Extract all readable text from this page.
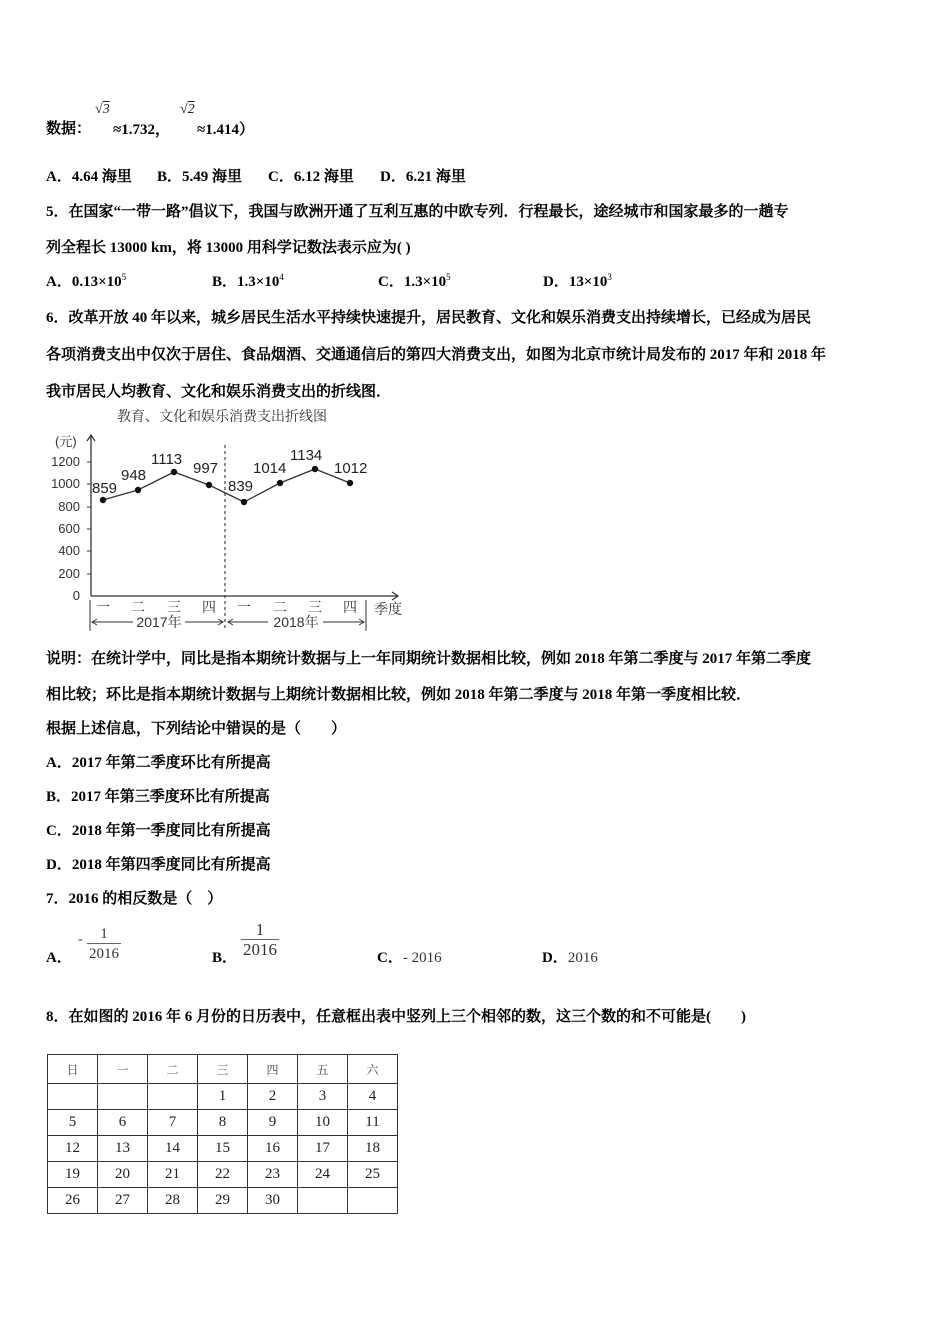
数据：
√3
≈1.732，
√2
≈1.414）
A．4.64 海里 B．5.49 海里 C．6.12 海里 D．6.21 海里
5．在国家“一带一路”倡议下，我国与欧洲开通了互利互惠的中欧专列．行程最长，途经城市和国家最多的一趟专
列全程长 13000 km，将 13000 用科学记数法表示应为( )
A．$0.13\times 10^5$	B．$1.3\times 10^4$	C．$1.3\times 10^5$	D．$13\times 10^3$
6．改革开放 40 年以来，城乡居民生活水平持续快速提升，居民教育、文化和娱乐消费支出持续增长，已经成为居民
各项消费支出中仅次于居住、食品烟酒、交通通信后的第四大消费支出，如图为北京市统计局发布的 2017 年和 2018 年
我市居民人均教育、文化和娱乐消费支出的折线图．
教育、文化和娱乐消费支出折线图
(元)
0
200
400
600
800
1000
1200
859
948
1113
997
839
1014
1134
1012
一 二 三 四 一 二 三 四 季度
2017年	2018年
说明：在统计学中，同比是指本期统计数据与上一年同期统计数据相比较，例如 2018 年第二季度与 2017 年第二季度
相比较；环比是指本期统计数据与上期统计数据相比较，例如 2018 年第二季度与 2018 年第一季度相比较．
根据上述信息，下列结论中错误的是（　　）
A．2017 年第二季度环比有所提高
B．2017 年第三季度环比有所提高
C．2018 年第一季度同比有所提高
D．2018 年第四季度同比有所提高
7．2016 的相反数是（　）
A．
- $\frac{1}{2016}$	B． $\frac{1}{2016}$	C．- 2016	D．2016
8．在如图的 2016 年 6 月份的日历表中，任意框出表中竖列上三个相邻的数，这三个数的和不可能是(　　)
日	一	二	三	四	五	六
			1	2	3	4
5	6	7	8	9	10	11
12	13	14	15	16	17	18
19	20	21	22	23	24	25
26	27	28	29	30		
